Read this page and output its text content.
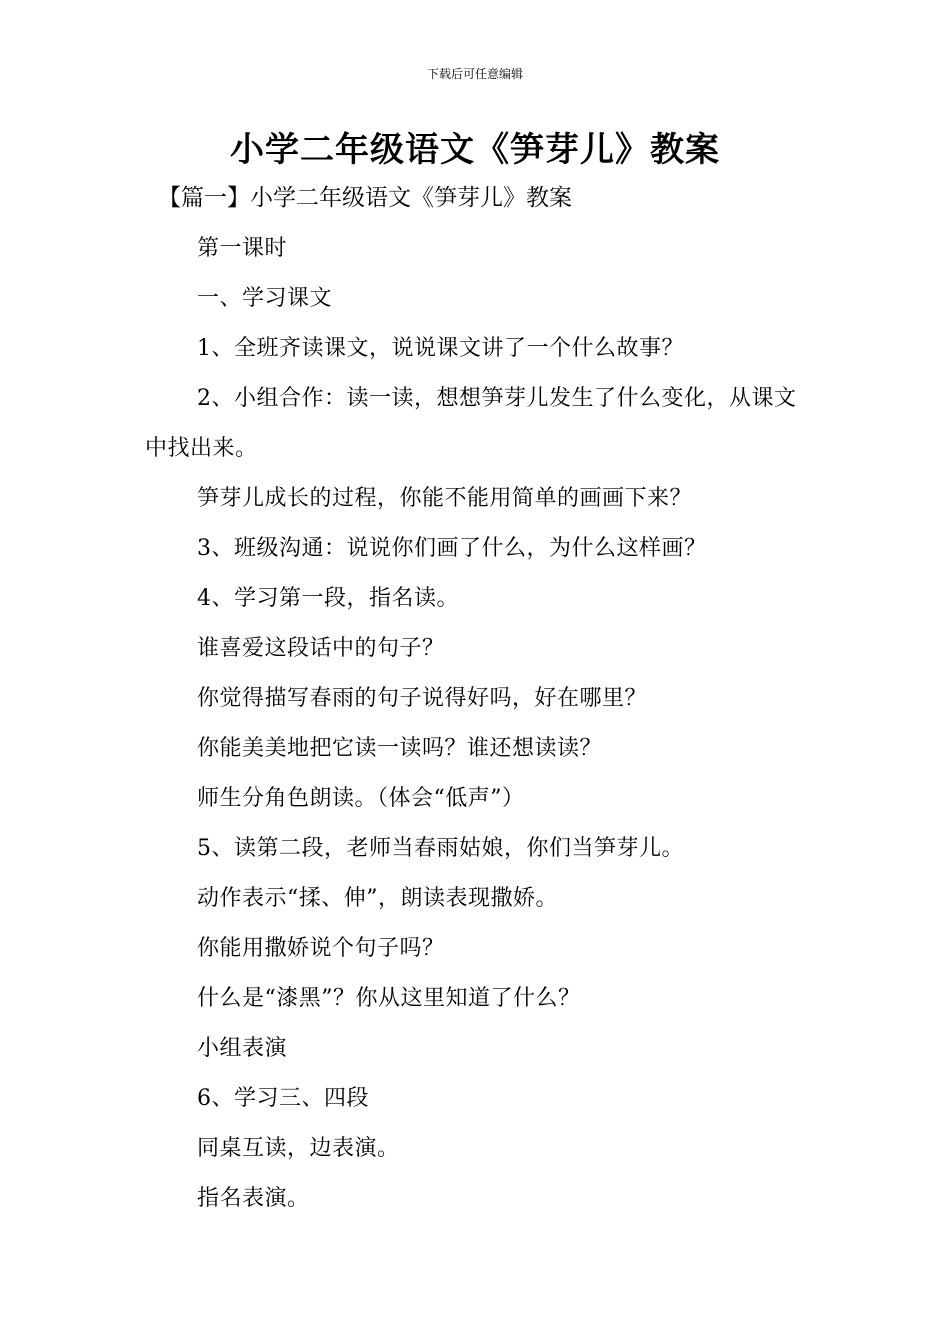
下载后可任意编辑
小学二年级语文《笋芽儿》教案
【篇一】小学二年级语文《笋芽儿》教案

第一课时

一、学习课文

1、全班齐读课文，说说课文讲了一个什么故事？

2、小组合作：读一读，想想笋芽儿发生了什么变化，从课文中找出来。

笋芽儿成长的过程，你能不能用简单的画画下来？

3、班级沟通：说说你们画了什么，为什么这样画？

4、学习第一段，指名读。

谁喜爱这段话中的句子？

你觉得描写春雨的句子说得好吗，好在哪里？

你能美美地把它读一读吗？谁还想读读？

师生分角色朗读。（体会“低声”）

5、读第二段，老师当春雨姑娘，你们当笋芽儿。

动作表示“揉、伸”，朗读表现撒娇。

你能用撒娇说个句子吗？

什么是“漆黑”？你从这里知道了什么？

小组表演

6、学习三、四段

同桌互读，边表演。

指名表演。
